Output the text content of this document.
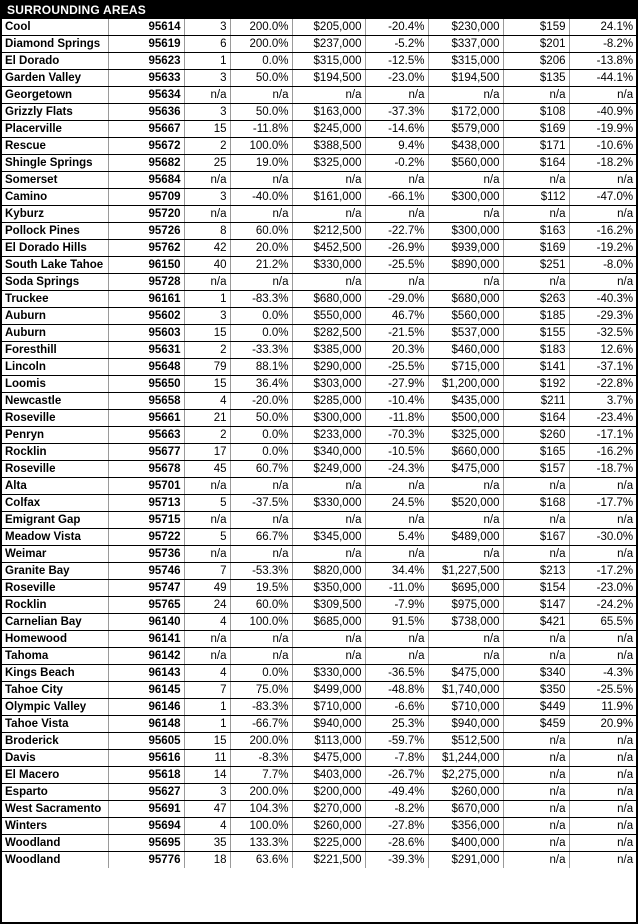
SURROUNDING AREAS								
Cool	95614	3	200.0%	$205,000	-20.4%	$230,000	$159	24.1%
Diamond Springs	95619	6	200.0%	$237,000	-5.2%	$337,000	$201	-8.2%
El Dorado	95623	1	0.0%	$315,000	-12.5%	$315,000	$206	-13.8%
Garden Valley	95633	3	50.0%	$194,500	-23.0%	$194,500	$135	-44.1%
Georgetown	95634	n/a	n/a	n/a	n/a	n/a	n/a	n/a
Grizzly Flats	95636	3	50.0%	$163,000	-37.3%	$172,000	$108	-40.9%
Placerville	95667	15	-11.8%	$245,000	-14.6%	$579,000	$169	-19.9%
Rescue	95672	2	100.0%	$388,500	9.4%	$438,000	$171	-10.6%
Shingle Springs	95682	25	19.0%	$325,000	-0.2%	$560,000	$164	-18.2%
Somerset	95684	n/a	n/a	n/a	n/a	n/a	n/a	n/a
Camino	95709	3	-40.0%	$161,000	-66.1%	$300,000	$112	-47.0%
Kyburz	95720	n/a	n/a	n/a	n/a	n/a	n/a	n/a
Pollock Pines	95726	8	60.0%	$212,500	-22.7%	$300,000	$163	-16.2%
El Dorado Hills	95762	42	20.0%	$452,500	-26.9%	$939,000	$169	-19.2%
South Lake Tahoe	96150	40	21.2%	$330,000	-25.5%	$890,000	$251	-8.0%
Soda Springs	95728	n/a	n/a	n/a	n/a	n/a	n/a	n/a
Truckee	96161	1	-83.3%	$680,000	-29.0%	$680,000	$263	-40.3%
Auburn	95602	3	0.0%	$550,000	46.7%	$560,000	$185	-29.3%
Auburn	95603	15	0.0%	$282,500	-21.5%	$537,000	$155	-32.5%
Foresthill	95631	2	-33.3%	$385,000	20.3%	$460,000	$183	12.6%
Lincoln	95648	79	88.1%	$290,000	-25.5%	$715,000	$141	-37.1%
Loomis	95650	15	36.4%	$303,000	-27.9%	$1,200,000	$192	-22.8%
Newcastle	95658	4	-20.0%	$285,000	-10.4%	$435,000	$211	3.7%
Roseville	95661	21	50.0%	$300,000	-11.8%	$500,000	$164	-23.4%
Penryn	95663	2	0.0%	$233,000	-70.3%	$325,000	$260	-17.1%
Rocklin	95677	17	0.0%	$340,000	-10.5%	$660,000	$165	-16.2%
Roseville	95678	45	60.7%	$249,000	-24.3%	$475,000	$157	-18.7%
Alta	95701	n/a	n/a	n/a	n/a	n/a	n/a	n/a
Colfax	95713	5	-37.5%	$330,000	24.5%	$520,000	$168	-17.7%
Emigrant Gap	95715	n/a	n/a	n/a	n/a	n/a	n/a	n/a
Meadow Vista	95722	5	66.7%	$345,000	5.4%	$489,000	$167	-30.0%
Weimar	95736	n/a	n/a	n/a	n/a	n/a	n/a	n/a
Granite Bay	95746	7	-53.3%	$820,000	34.4%	$1,227,500	$213	-17.2%
Roseville	95747	49	19.5%	$350,000	-11.0%	$695,000	$154	-23.0%
Rocklin	95765	24	60.0%	$309,500	-7.9%	$975,000	$147	-24.2%
Carnelian Bay	96140	4	100.0%	$685,000	91.5%	$738,000	$421	65.5%
Homewood	96141	n/a	n/a	n/a	n/a	n/a	n/a	n/a
Tahoma	96142	n/a	n/a	n/a	n/a	n/a	n/a	n/a
Kings Beach	96143	4	0.0%	$330,000	-36.5%	$475,000	$340	-4.3%
Tahoe City	96145	7	75.0%	$499,000	-48.8%	$1,740,000	$350	-25.5%
Olympic Valley	96146	1	-83.3%	$710,000	-6.6%	$710,000	$449	11.9%
Tahoe Vista	96148	1	-66.7%	$940,000	25.3%	$940,000	$459	20.9%
Broderick	95605	15	200.0%	$113,000	-59.7%	$512,500	n/a	n/a
Davis	95616	11	-8.3%	$475,000	-7.8%	$1,244,000	n/a	n/a
El Macero	95618	14	7.7%	$403,000	-26.7%	$2,275,000	n/a	n/a
Esparto	95627	3	200.0%	$200,000	-49.4%	$260,000	n/a	n/a
West Sacramento	95691	47	104.3%	$270,000	-8.2%	$670,000	n/a	n/a
Winters	95694	4	100.0%	$260,000	-27.8%	$356,000	n/a	n/a
Woodland	95695	35	133.3%	$225,000	-28.6%	$400,000	n/a	n/a
Woodland	95776	18	63.6%	$221,500	-39.3%	$291,000	n/a	n/a
